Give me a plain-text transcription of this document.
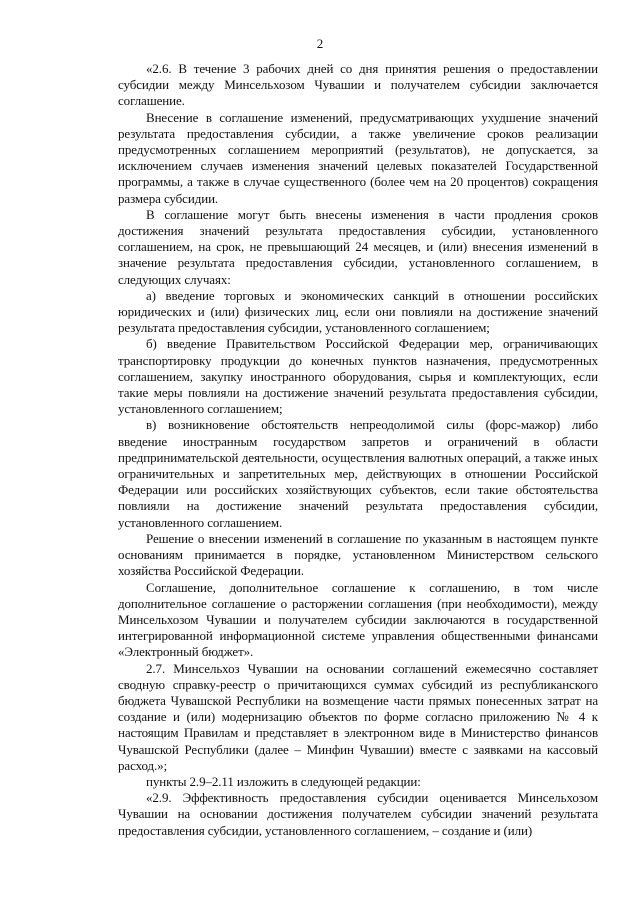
2

«2.6. В течение 3 рабочих дней со дня принятия решения о предоставлении субсидии между Минсельхозом Чувашии и получателем субсидии заключается соглашение.

Внесение в соглашение изменений, предусматривающих ухудшение значений результата предоставления субсидии, а также увеличение сроков реализации предусмотренных соглашением мероприятий (результатов), не допускается, за исключением случаев изменения значений целевых показателей Государственной программы, а также в случае существенного (более чем на 20 процентов) сокращения размера субсидии.

В соглашение могут быть внесены изменения в части продления сроков достижения значений результата предоставления субсидии, установленного соглашением, на срок, не превышающий 24 месяцев, и (или) внесения изменений в значение результата предоставления субсидии, установленного соглашением, в следующих случаях:

а) введение торговых и экономических санкций в отношении российских юридических и (или) физических лиц, если они повлияли на достижение значений результата предоставления субсидии, установленного соглашением;

б) введение Правительством Российской Федерации мер, ограничивающих транспортировку продукции до конечных пунктов назначения, предусмотренных соглашением, закупку иностранного оборудования, сырья и комплектующих, если такие меры повлияли на достижение значений результата предоставления субсидии, установленного соглашением;

в) возникновение обстоятельств непреодолимой силы (форс-мажор) либо введение иностранным государством запретов и ограничений в области предпринимательской деятельности, осуществления валютных операций, а также иных ограничительных и запретительных мер, действующих в отношении Российской Федерации или российских хозяйствующих субъектов, если такие обстоятельства повлияли на достижение значений результата предоставления субсидии, установленного соглашением.

Решение о внесении изменений в соглашение по указанным в настоящем пункте основаниям принимается в порядке, установленном Министерством сельского хозяйства Российской Федерации.

Соглашение, дополнительное соглашение к соглашению, в том числе дополнительное соглашение о расторжении соглашения (при необходимости), между Минсельхозом Чувашии и получателем субсидии заключаются в государственной интегрированной информационной системе управления общественными финансами «Электронный бюджет».

2.7. Минсельхоз Чувашии на основании соглашений ежемесячно составляет сводную справку-реестр о причитающихся суммах субсидий из республиканского бюджета Чувашской Республики на возмещение части прямых понесенных затрат на создание и (или) модернизацию объектов по форме согласно приложению № 4 к настоящим Правилам и представляет в электронном виде в Министерство финансов Чувашской Республики (далее – Минфин Чувашии) вместе с заявками на кассовый расход.»;

пункты 2.9–2.11 изложить в следующей редакции:

«2.9. Эффективность предоставления субсидии оценивается Минсельхозом Чувашии на основании достижения получателем субсидии значений результата предоставления субсидии, установленного соглашением, – создание и (или)
